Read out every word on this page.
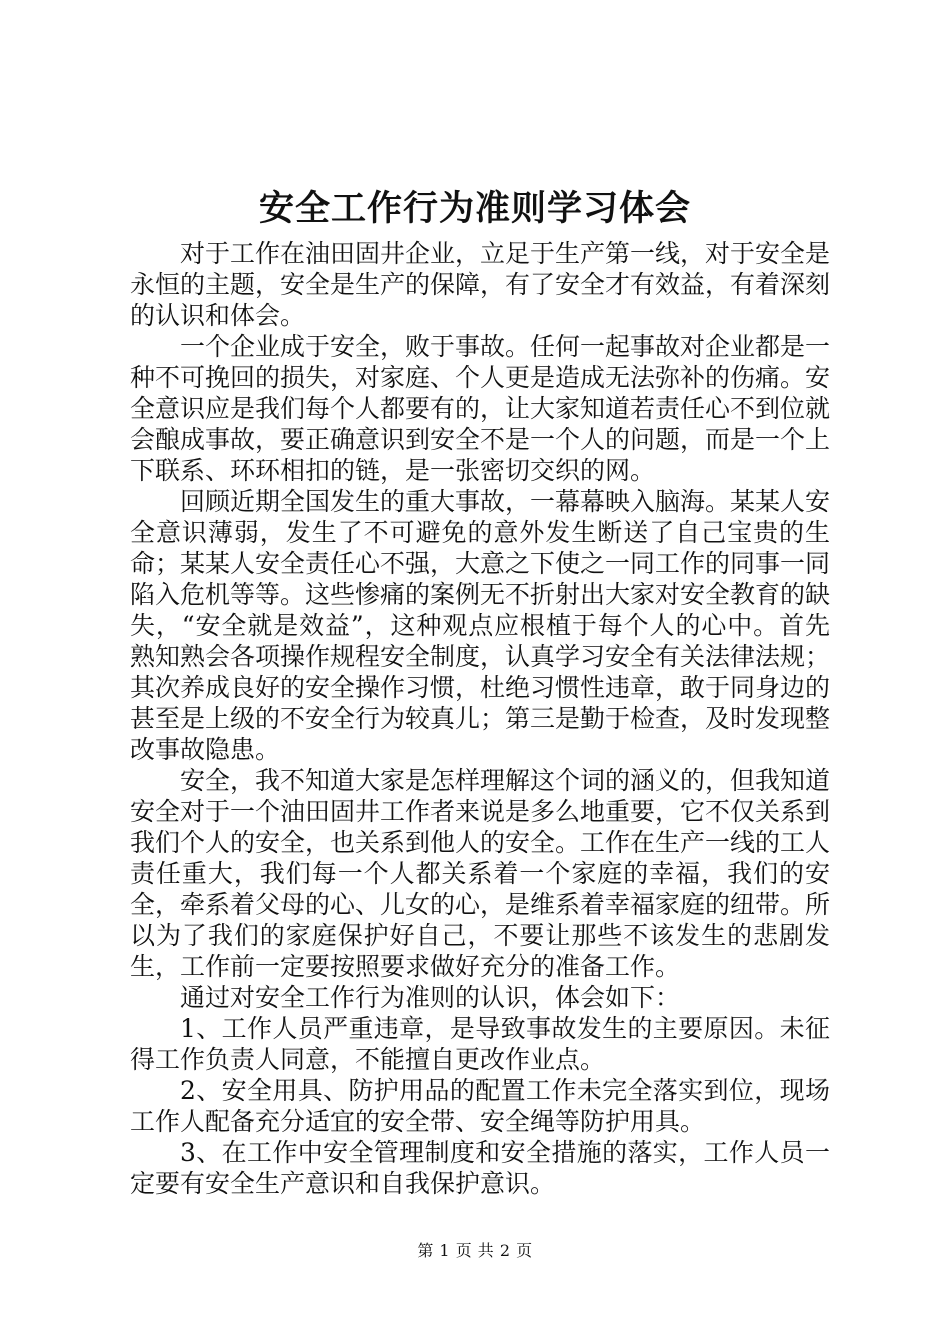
安全工作行为准则学习体会

对于工作在油田固井企业，立足于生产第一线，对于安全是永恒的主题，安全是生产的保障，有了安全才有效益，有着深刻的认识和体会。

一个企业成于安全，败于事故。任何一起事故对企业都是一种不可挽回的损失，对家庭、个人更是造成无法弥补的伤痛。安全意识应是我们每个人都要有的，让大家知道若责任心不到位就会酿成事故，要正确意识到安全不是一个人的问题，而是一个上下联系、环环相扣的链，是一张密切交织的网。

回顾近期全国发生的重大事故，一幕幕映入脑海。某某人安全意识薄弱，发生了不可避免的意外发生断送了自己宝贵的生命；某某人安全责任心不强，大意之下使之一同工作的同事一同陷入危机等等。这些惨痛的案例无不折射出大家对安全教育的缺失，“安全就是效益”，这种观点应根植于每个人的心中。首先熟知熟会各项操作规程安全制度，认真学习安全有关法律法规；其次养成良好的安全操作习惯，杜绝习惯性违章，敢于同身边的甚至是上级的不安全行为较真儿；第三是勤于检查，及时发现整改事故隐患。

安全，我不知道大家是怎样理解这个词的涵义的，但我知道安全对于一个油田固井工作者来说是多么地重要，它不仅关系到我们个人的安全，也关系到他人的安全。工作在生产一线的工人责任重大，我们每一个人都关系着一个家庭的幸福，我们的安全，牵系着父母的心、儿女的心，是维系着幸福家庭的纽带。所以为了我们的家庭保护好自己，不要让那些不该发生的悲剧发生，工作前一定要按照要求做好充分的准备工作。

通过对安全工作行为准则的认识，体会如下：

1、工作人员严重违章，是导致事故发生的主要原因。未征得工作负责人同意，不能擅自更改作业点。

2、安全用具、防护用品的配置工作未完全落实到位，现场工作人配备充分适宜的安全带、安全绳等防护用具。

3、在工作中安全管理制度和安全措施的落实，工作人员一定要有安全生产意识和自我保护意识。

第 1 页 共 2 页
